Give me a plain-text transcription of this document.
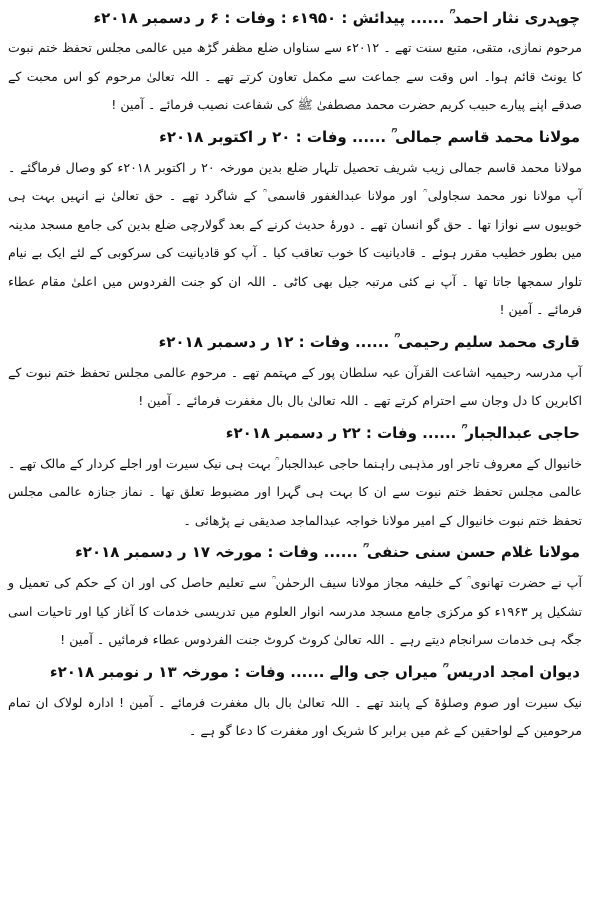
چوہدری نثار احمد ؒ ...... پیدائش : ۱۹۵۰ء : وفات : ۶ ر دسمبر ۲۰۱۸ء

مرحوم نمازی، متقی، متبع سنت تھے ۔ ۲۰۱۲ء سے سناواں ضلع مظفر گڑھ میں عالمی مجلس تحفظ ختم نبوت کا یونٹ قائم ہوا۔ اس وقت سے جماعت سے مکمل تعاون کرتے تھے ۔ اللہ تعالیٰ مرحوم کو اس محبت کے صدقے اپنے پیارے حبیب کریم حضرت محمد مصطفیٰ ﷺ کی شفاعت نصیب فرمائے ۔ آمین !

مولانا محمد قاسم جمالی ؒ ...... وفات : ۲۰ ر اکتوبر ۲۰۱۸ء

مولانا محمد قاسم جمالی زیب شریف تحصیل تلہار ضلع بدین مورخہ ۲۰ ر اکتوبر ۲۰۱۸ء کو وصال فرماگئے ۔ آپ مولانا نور محمد سجاولی ؒ اور مولانا عبدالغفور قاسمی ؒ کے شاگرد تھے ۔ حق تعالیٰ نے انہیں بہت ہی خوبیوں سے نوازا تھا ۔ حق گو انسان تھے ۔ دورۂ حدیث کرنے کے بعد گولارچی ضلع بدین کی جامع مسجد مدینہ میں بطور خطیب مقرر ہوئے ۔ قادیانیت کا خوب تعاقب کیا ۔ آپ کو قادیانیت کی سرکوبی کے لئے ایک بے نیام تلوار سمجھا جاتا تھا ۔ آپ نے کئی مرتبہ جیل بھی کاٹی ۔ اللہ ان کو جنت الفردوس میں اعلیٰ مقام عطاء فرمائے ۔ آمین !

قاری محمد سلیم رحیمی ؒ ...... وفات : ۱۲ ر دسمبر ۲۰۱۸ء

آپ مدرسہ رحیمیہ اشاعت القرآن عبہ سلطان پور کے مہتمم تھے ۔ مرحوم عالمی مجلس تحفظ ختم نبوت کے اکابرین کا دل وجان سے احترام کرتے تھے ۔ اللہ تعالیٰ بال بال مغفرت فرمائے ۔ آمین !

حاجی عبدالجبار ؒ ...... وفات : ۲۲ ر دسمبر ۲۰۱۸ء

خانیوال کے معروف تاجر اور مذہبی راہنما حاجی عبدالجبار ؒ بہت ہی نیک سیرت اور اجلے کردار کے مالک تھے ۔ عالمی مجلس تحفظ ختم نبوت سے ان کا بہت ہی گہرا اور مضبوط تعلق تھا ۔ نماز جنازہ عالمی مجلس تحفظ ختم نبوت خانیوال کے امیر مولانا خواجہ عبدالماجد صدیقی نے پڑھائی ۔

مولانا غلام حسن سنی حنفی ؒ ...... وفات : مورخہ ۱۷ ر دسمبر ۲۰۱۸ء

آپ نے حضرت تھانوی ؒ کے خلیفہ مجاز مولانا سیف الرحمٰن ؒ سے تعلیم حاصل کی اور ان کے حکم کی تعمیل و تشکیل پر ۱۹۶۳ء کو مرکزی جامع مسجد مدرسہ انوار العلوم میں تدریسی خدمات کا آغاز کیا اور تاحیات اسی جگہ ہی خدمات سرانجام دیتے رہے ۔ اللہ تعالیٰ کروٹ کروٹ جنت الفردوس عطاء فرمائیں ۔ آمین !

دیوان امجد ادریس ؒ میراں جی والے ...... وفات : مورخہ ۱۳ ر نومبر ۲۰۱۸ء

نیک سیرت اور صوم وصلوٰۃ کے پابند تھے ۔ اللہ تعالیٰ بال بال مغفرت فرمائے ۔ آمین ! ادارہ لولاک ان تمام مرحومین کے لواحقین کے غم میں برابر کا شریک اور مغفرت کا دعا گو ہے ۔
